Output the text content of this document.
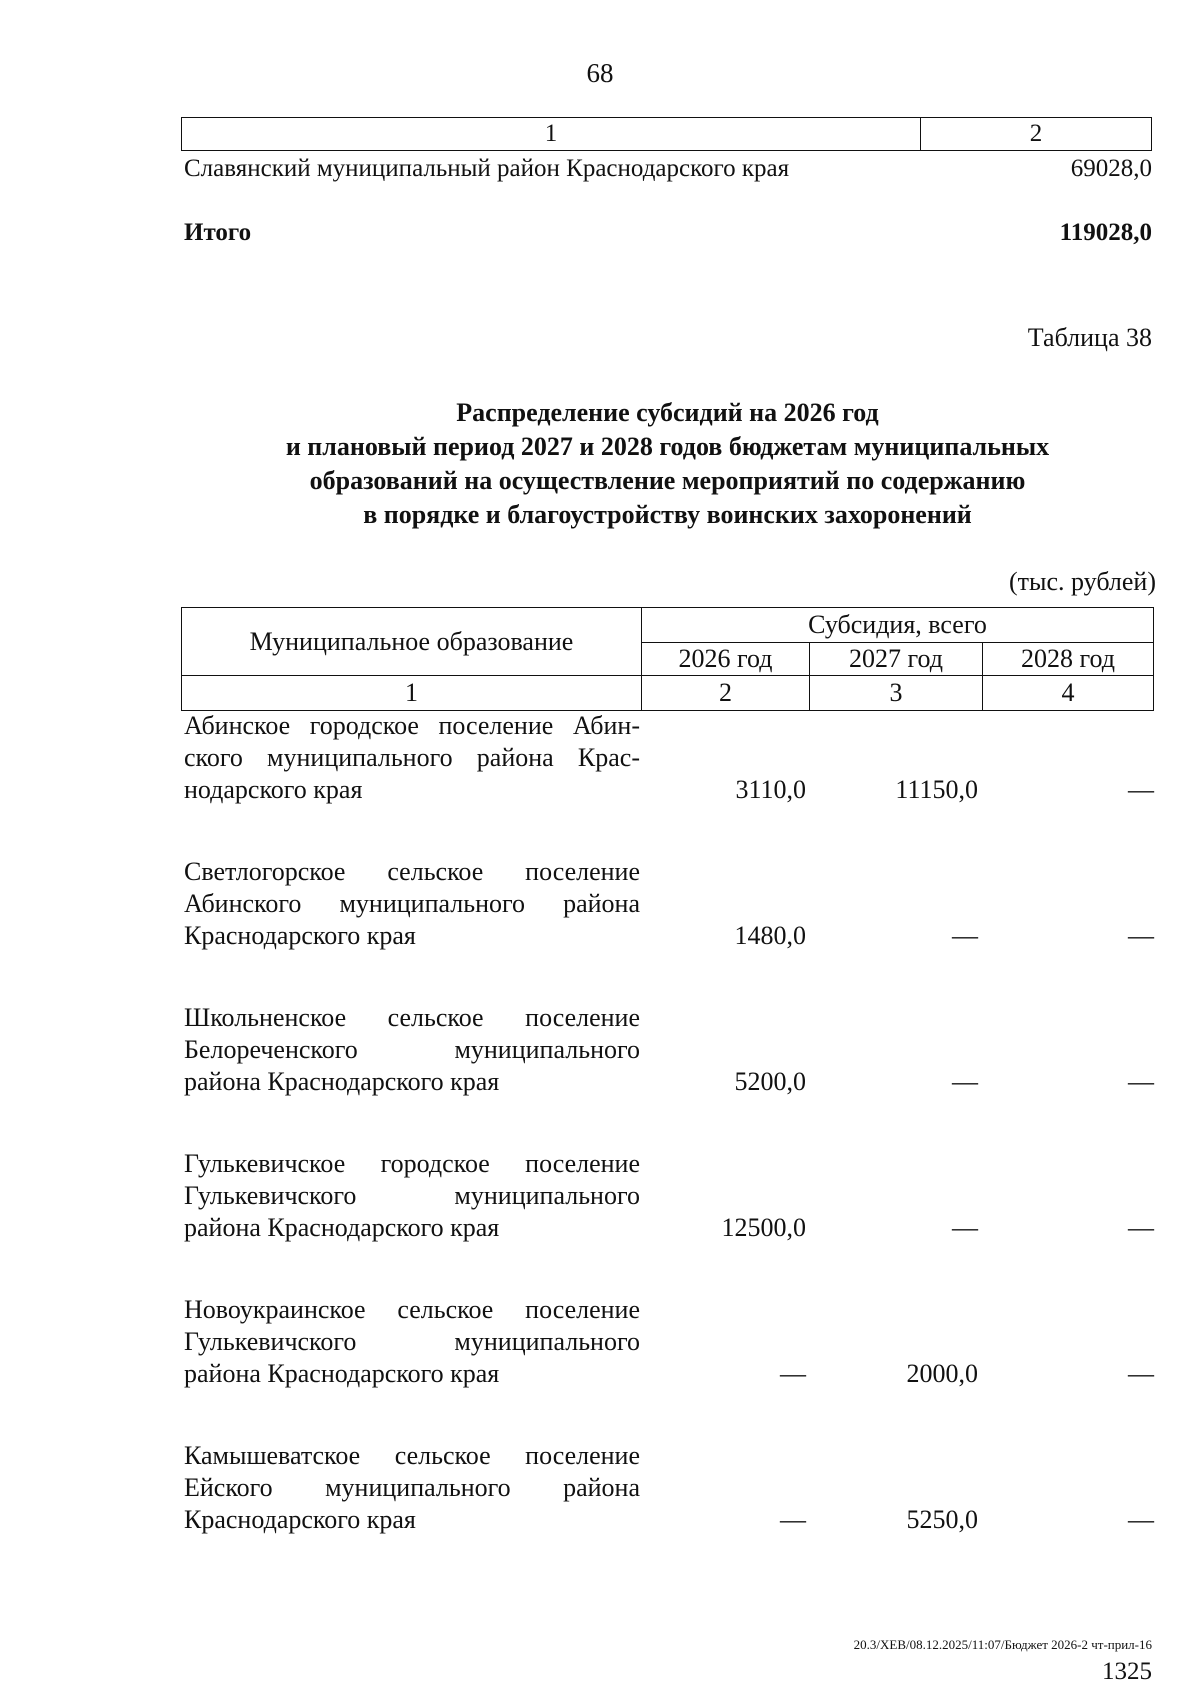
68
1	2
Славянский муниципальный район Краснодарского края	69028,0
Итого	119028,0
Таблица 38
Распределение субсидий на 2026 год
и плановый период 2027 и 2028 годов бюджетам муниципальных
образований на осуществление мероприятий по содержанию
в порядке и благоустройству воинских захоронений
(тыс. рублей)
Муниципальное образование	Субсидия, всего		
	2026 год	2027 год	2028 год
1	2	3	4
Абинское городское поселение Абин-
ского муниципального района Крас-
нодарского края	3110,0	11150,0	—
Светлогорское сельское поселение
Абинского муниципального района
Краснодарского края	1480,0	—	—
Школьненское сельское поселение
Белореченского муниципального
района Краснодарского края	5200,0	—	—
Гулькевичское городское поселение
Гулькевичского муниципального
района Краснодарского края	12500,0	—	—
Новоукраинское сельское поселение
Гулькевичского муниципального
района Краснодарского края	—	2000,0	—
Камышеватское сельское поселение
Ейского муниципального района
Краснодарского края	—	5250,0	—
20.3/ХЕВ/08.12.2025/11:07/Бюджет 2026-2 чт-прил-16
1325
